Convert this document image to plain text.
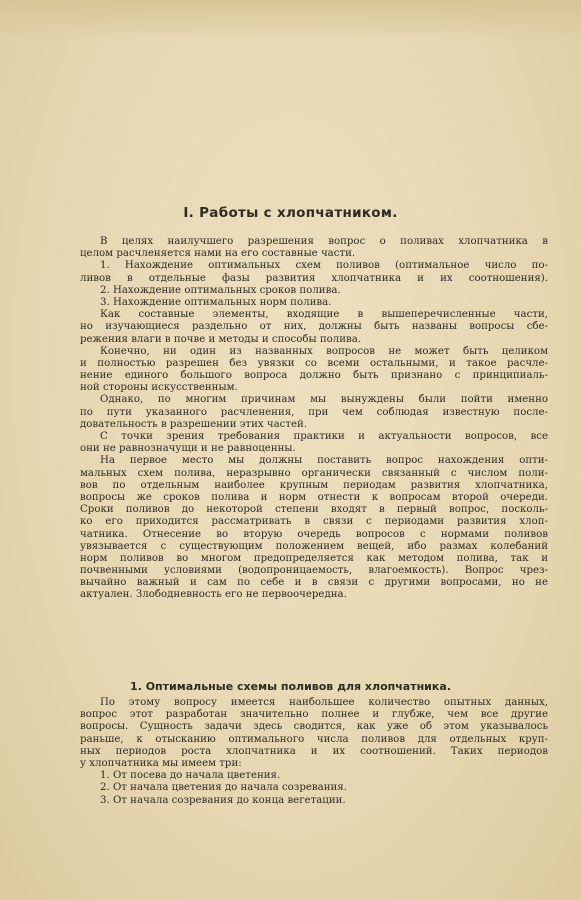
I. Работы с хлопчатником.
В целях наилучшего разрешения вопрос о поливах хлопчатника в
целом расчленяется нами на его составные части.
1. Нахождение оптимальных схем поливов (оптимальное число по-
ливов в отдельные фазы развития хлопчатника и их соотношения).
2. Нахождение оптимальных сроков полива.
3. Нахождение оптимальных норм полива.
Как составные элементы, входящие в вышеперечисленные части,
но изучающиеся раздельно от них, должны быть названы вопросы сбе-
режения влаги в почве и методы и способы полива.
Конечно, ни один из названных вопросов не может быть целиком
и полностью разрешен без увязки со всеми остальными, и такое расчле-
нение единого большого вопроса должно быть признано с принципиаль-
ной стороны искусственным.
Однако, по многим причинам мы вынуждены были пойти именно
по пути указанного расчленения, при чем соблюдая известную после-
довательность в разрешении этих частей.
С точки зрения требования практики и актуальности вопросов, все
они не равнозначущи и не равноценны.
На первое место мы должны поставить вопрос нахождения опти-
мальных схем полива, неразрывно органически связанный с числом поли-
вов по отдельным наиболее крупным периодам развития хлопчатника,
вопросы же сроков полива и норм отнести к вопросам второй очереди.
Сроки поливов до некоторой степени входят в первый вопрос, посколь-
ко его приходится рассматривать в связи с периодами развития хлоп-
чатника. Отнесение во вторую очередь вопросов с нормами поливов
увязывается с существующим положением вещей, ибо размах колебаний
норм поливов во многом предопределяется как методом полива, так и
почвенными условиями (водопроницаемость, влагоемкость). Вопрос чрез-
вычайно важный и сам по себе и в связи с другими вопросами, но не
актуален. Злободневность его не первоочередна.
1. Оптимальные схемы поливов для хлопчатника.
По этому вопросу имеется наибольшее количество опытных данных,
вопрос этот разработан значительно полнее и глубже, чем все другие
вопросы. Сущность задачи здесь сводится, как уже об этом указывалось
раньше, к отысканию оптимального числа поливов для отдельных круп-
ных периодов роста хлопчатника и их соотношений. Таких периодов
у хлопчатника мы имеем три:
1. От посева до начала цветения.
2. От начала цветения до начала созревания.
3. От начала созревания до конца вегетации.
